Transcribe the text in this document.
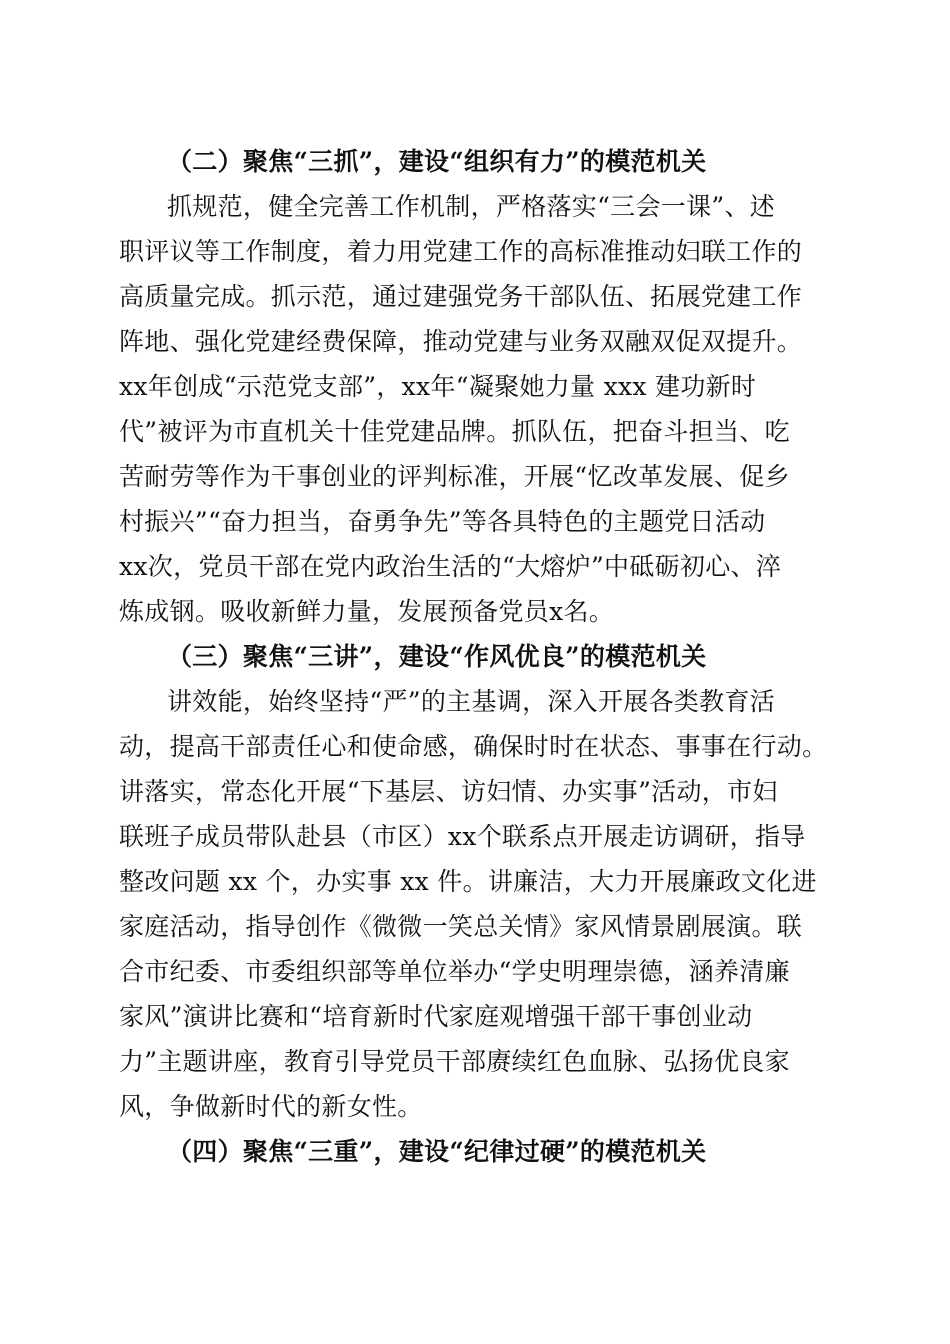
（二）聚焦“三抓”，建设“组织有力”的模范机关
抓规范，健全完善工作机制，严格落实“三会一课”、述
职评议等工作制度，着力用党建工作的高标准推动妇联工作的
高质量完成。抓示范，通过建强党务干部队伍、拓展党建工作
阵地、强化党建经费保障，推动党建与业务双融双促双提升。
xx年创成“示范党支部”，xx年“凝聚她力量 xxx 建功新时
代”被评为市直机关十佳党建品牌。抓队伍，把奋斗担当、吃
苦耐劳等作为干事创业的评判标准，开展“忆改革发展、促乡
村振兴”“奋力担当，奋勇争先”等各具特色的主题党日活动
xx次，党员干部在党内政治生活的“大熔炉”中砥砺初心、淬
炼成钢。吸收新鲜力量，发展预备党员x名。
（三）聚焦“三讲”，建设“作风优良”的模范机关
讲效能，始终坚持“严”的主基调，深入开展各类教育活
动，提高干部责任心和使命感，确保时时在状态、事事在行动。
讲落实，常态化开展“下基层、访妇情、办实事”活动，市妇
联班子成员带队赴县（市区）xx个联系点开展走访调研，指导
整改问题 xx 个，办实事 xx 件。讲廉洁，大力开展廉政文化进
家庭活动，指导创作《微微一笑总关情》家风情景剧展演。联
合市纪委、市委组织部等单位举办“学史明理崇德，涵养清廉
家风”演讲比赛和“培育新时代家庭观增强干部干事创业动
力”主题讲座，教育引导党员干部赓续红色血脉、弘扬优良家
风，争做新时代的新女性。
（四）聚焦“三重”，建设“纪律过硬”的模范机关
